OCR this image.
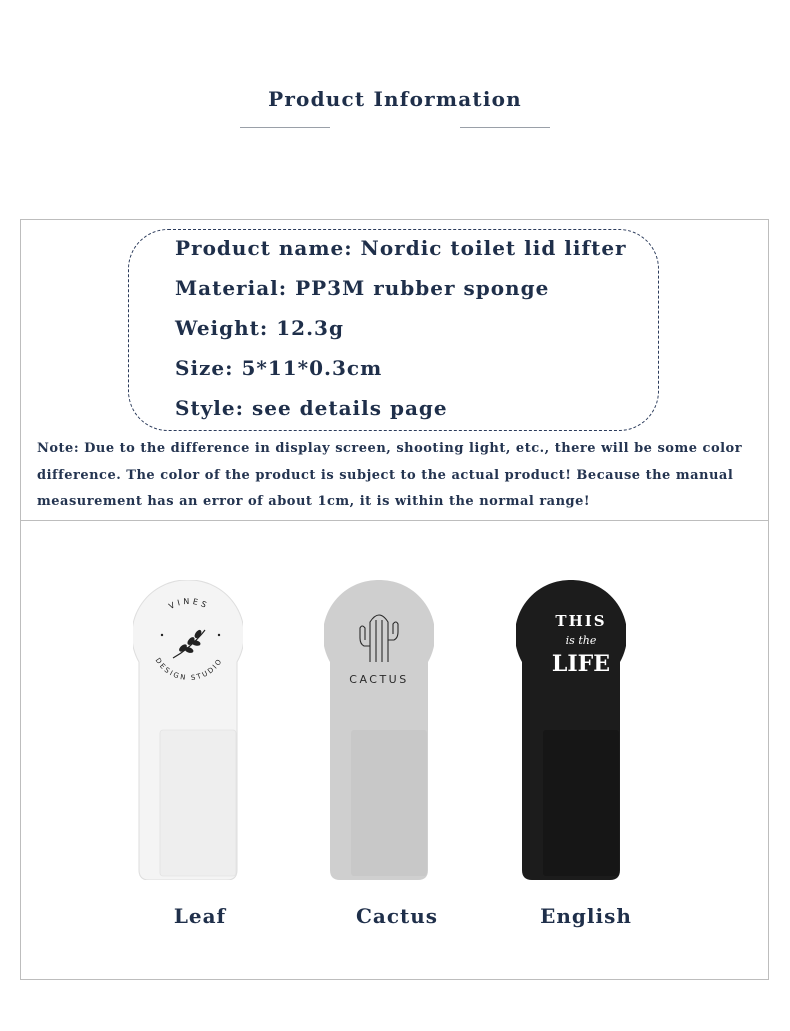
Product Information
Product name: Nordic toilet lid lifter
Material: PP3M rubber sponge
Weight: 12.3g
Size: 5*11*0.3cm
Style: see details page
Note: Due to the difference in display screen, shooting light, etc., there will be some color difference. The color of the product is subject to the actual product! Because the manual measurement has an error of about 1cm, it is within the normal range!
VINES
DESIGN STUDIO
CACTUS
THIS
is the
LIFE
Leaf	Cactus	English
